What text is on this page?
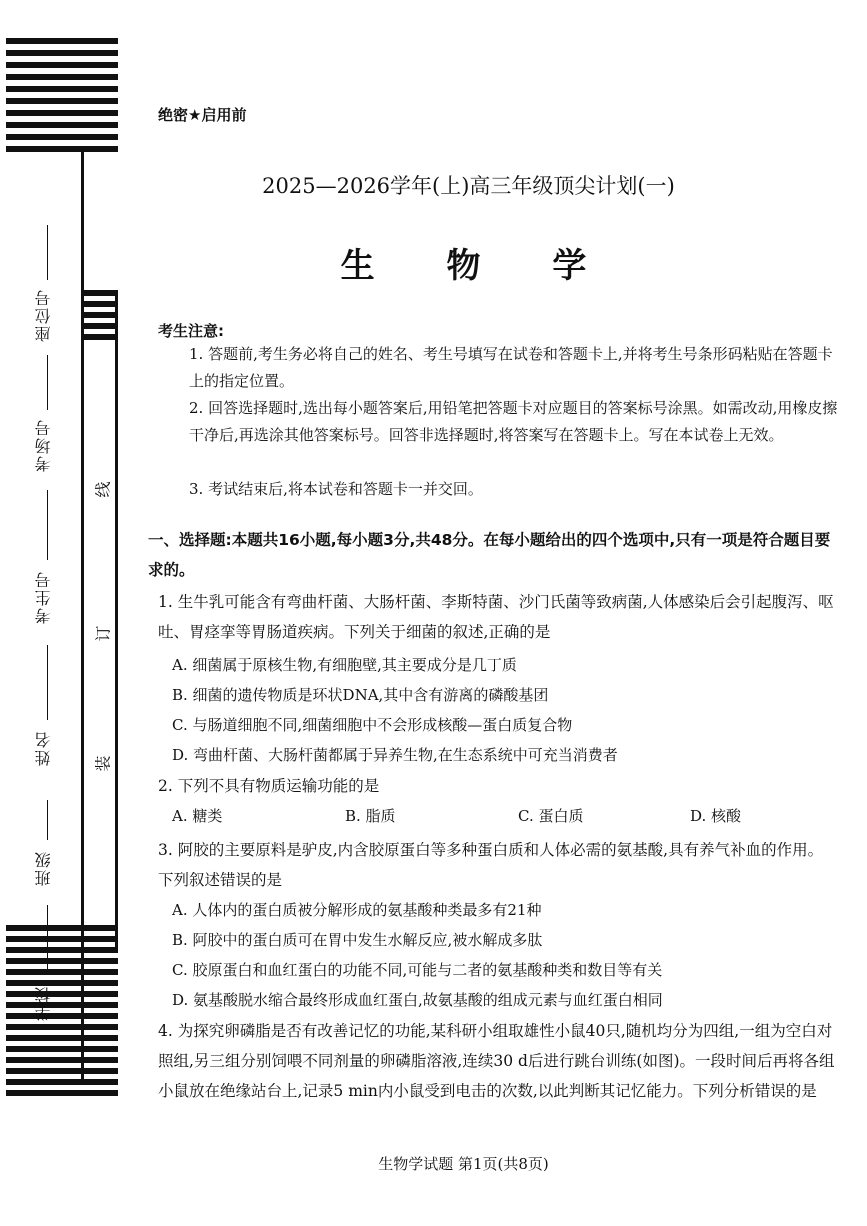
座位号
考场号
考生号
姓名
班级
学校
线
订
装
绝密★启用前
2025—2026学年(上)高三年级顶尖计划(一)
生 物 学
考生注意:
1. 答题前,考生务必将自己的姓名、考生号填写在试卷和答题卡上,并将考生号条形码粘贴在答题卡上的指定位置。
2. 回答选择题时,选出每小题答案后,用铅笔把答题卡对应题目的答案标号涂黑。如需改动,用橡皮擦干净后,再选涂其他答案标号。回答非选择题时,将答案写在答题卡上。写在本试卷上无效。
3. 考试结束后,将本试卷和答题卡一并交回。
一、选择题:本题共16小题,每小题3分,共48分。在每小题给出的四个选项中,只有一项是符合题目要求的。
1. 生牛乳可能含有弯曲杆菌、大肠杆菌、李斯特菌、沙门氏菌等致病菌,人体感染后会引起腹泻、呕吐、胃痉挛等胃肠道疾病。下列关于细菌的叙述,正确的是
A. 细菌属于原核生物,有细胞壁,其主要成分是几丁质
B. 细菌的遗传物质是环状DNA,其中含有游离的磷酸基团
C. 与肠道细胞不同,细菌细胞中不会形成核酸—蛋白质复合物
D. 弯曲杆菌、大肠杆菌都属于异养生物,在生态系统中可充当消费者
2. 下列不具有物质运输功能的是
A. 糖类	B. 脂质	C. 蛋白质	D. 核酸
3. 阿胶的主要原料是驴皮,内含胶原蛋白等多种蛋白质和人体必需的氨基酸,具有养气补血的作用。下列叙述错误的是
A. 人体内的蛋白质被分解形成的氨基酸种类最多有21种
B. 阿胶中的蛋白质可在胃中发生水解反应,被水解成多肽
C. 胶原蛋白和血红蛋白的功能不同,可能与二者的氨基酸种类和数目等有关
D. 氨基酸脱水缩合最终形成血红蛋白,故氨基酸的组成元素与血红蛋白相同
4. 为探究卵磷脂是否有改善记忆的功能,某科研小组取雄性小鼠40只,随机均分为四组,一组为空白对照组,另三组分别饲喂不同剂量的卵磷脂溶液,连续30 d后进行跳台训练(如图)。一段时间后再将各组小鼠放在绝缘站台上,记录5 min内小鼠受到电击的次数,以此判断其记忆能力。下列分析错误的是
生物学试题 第1页(共8页)
